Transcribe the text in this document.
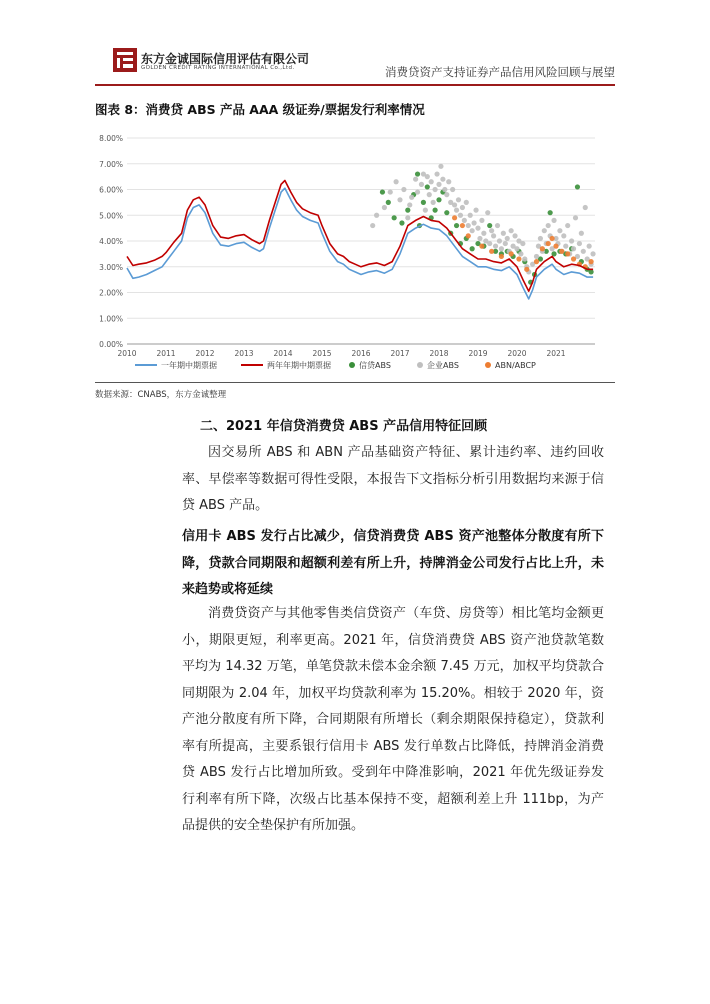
东方金诚国际信用评估有限公司
GOLDEN CREDIT RATING INTERNATIONAL Co.,Ltd.	消费贷资产支持证券产品信用风险回顾与展望
图表 8：消费贷 ABS 产品 AAA 级证券/票据发行利率情况
0.00%
1.00%
2.00%
3.00%
4.00%
5.00%
6.00%
7.00%
8.00%
2010	2011	2012	2013	2014	2015	2016	2017	2018	2019	2020	2021
一年期中期票据	两年年期中期票据	信贷ABS	企业ABS	ABN/ABCP
数据来源：CNABS，东方金诚整理
二、2021 年信贷消费贷 ABS 产品信用特征回顾
因交易所 ABS 和 ABN 产品基础资产特征、累计违约率、违约回收率、早偿率等数据可得性受限，本报告下文指标分析引用数据均来源于信贷 ABS 产品。
信用卡 ABS 发行占比减少，信贷消费贷 ABS 资产池整体分散度有所下降，贷款合同期限和超额利差有所上升，持牌消金公司发行占比上升，未来趋势或将延续
消费贷资产与其他零售类信贷资产（车贷、房贷等）相比笔均金额更小，期限更短，利率更高。2021 年，信贷消费贷 ABS 资产池贷款笔数平均为 14.32 万笔，单笔贷款未偿本金余额 7.45 万元，加权平均贷款合同期限为 2.04 年，加权平均贷款利率为 15.20%。相较于 2020 年，资产池分散度有所下降，合同期限有所增长（剩余期限保持稳定），贷款利率有所提高，主要系银行信用卡 ABS 发行单数占比降低，持牌消金消费贷 ABS 发行占比增加所致。受到年中降准影响，2021 年优先级证券发行利率有所下降，次级占比基本保持不变，超额利差上升 111bp，为产品提供的安全垫保护有所加强。
